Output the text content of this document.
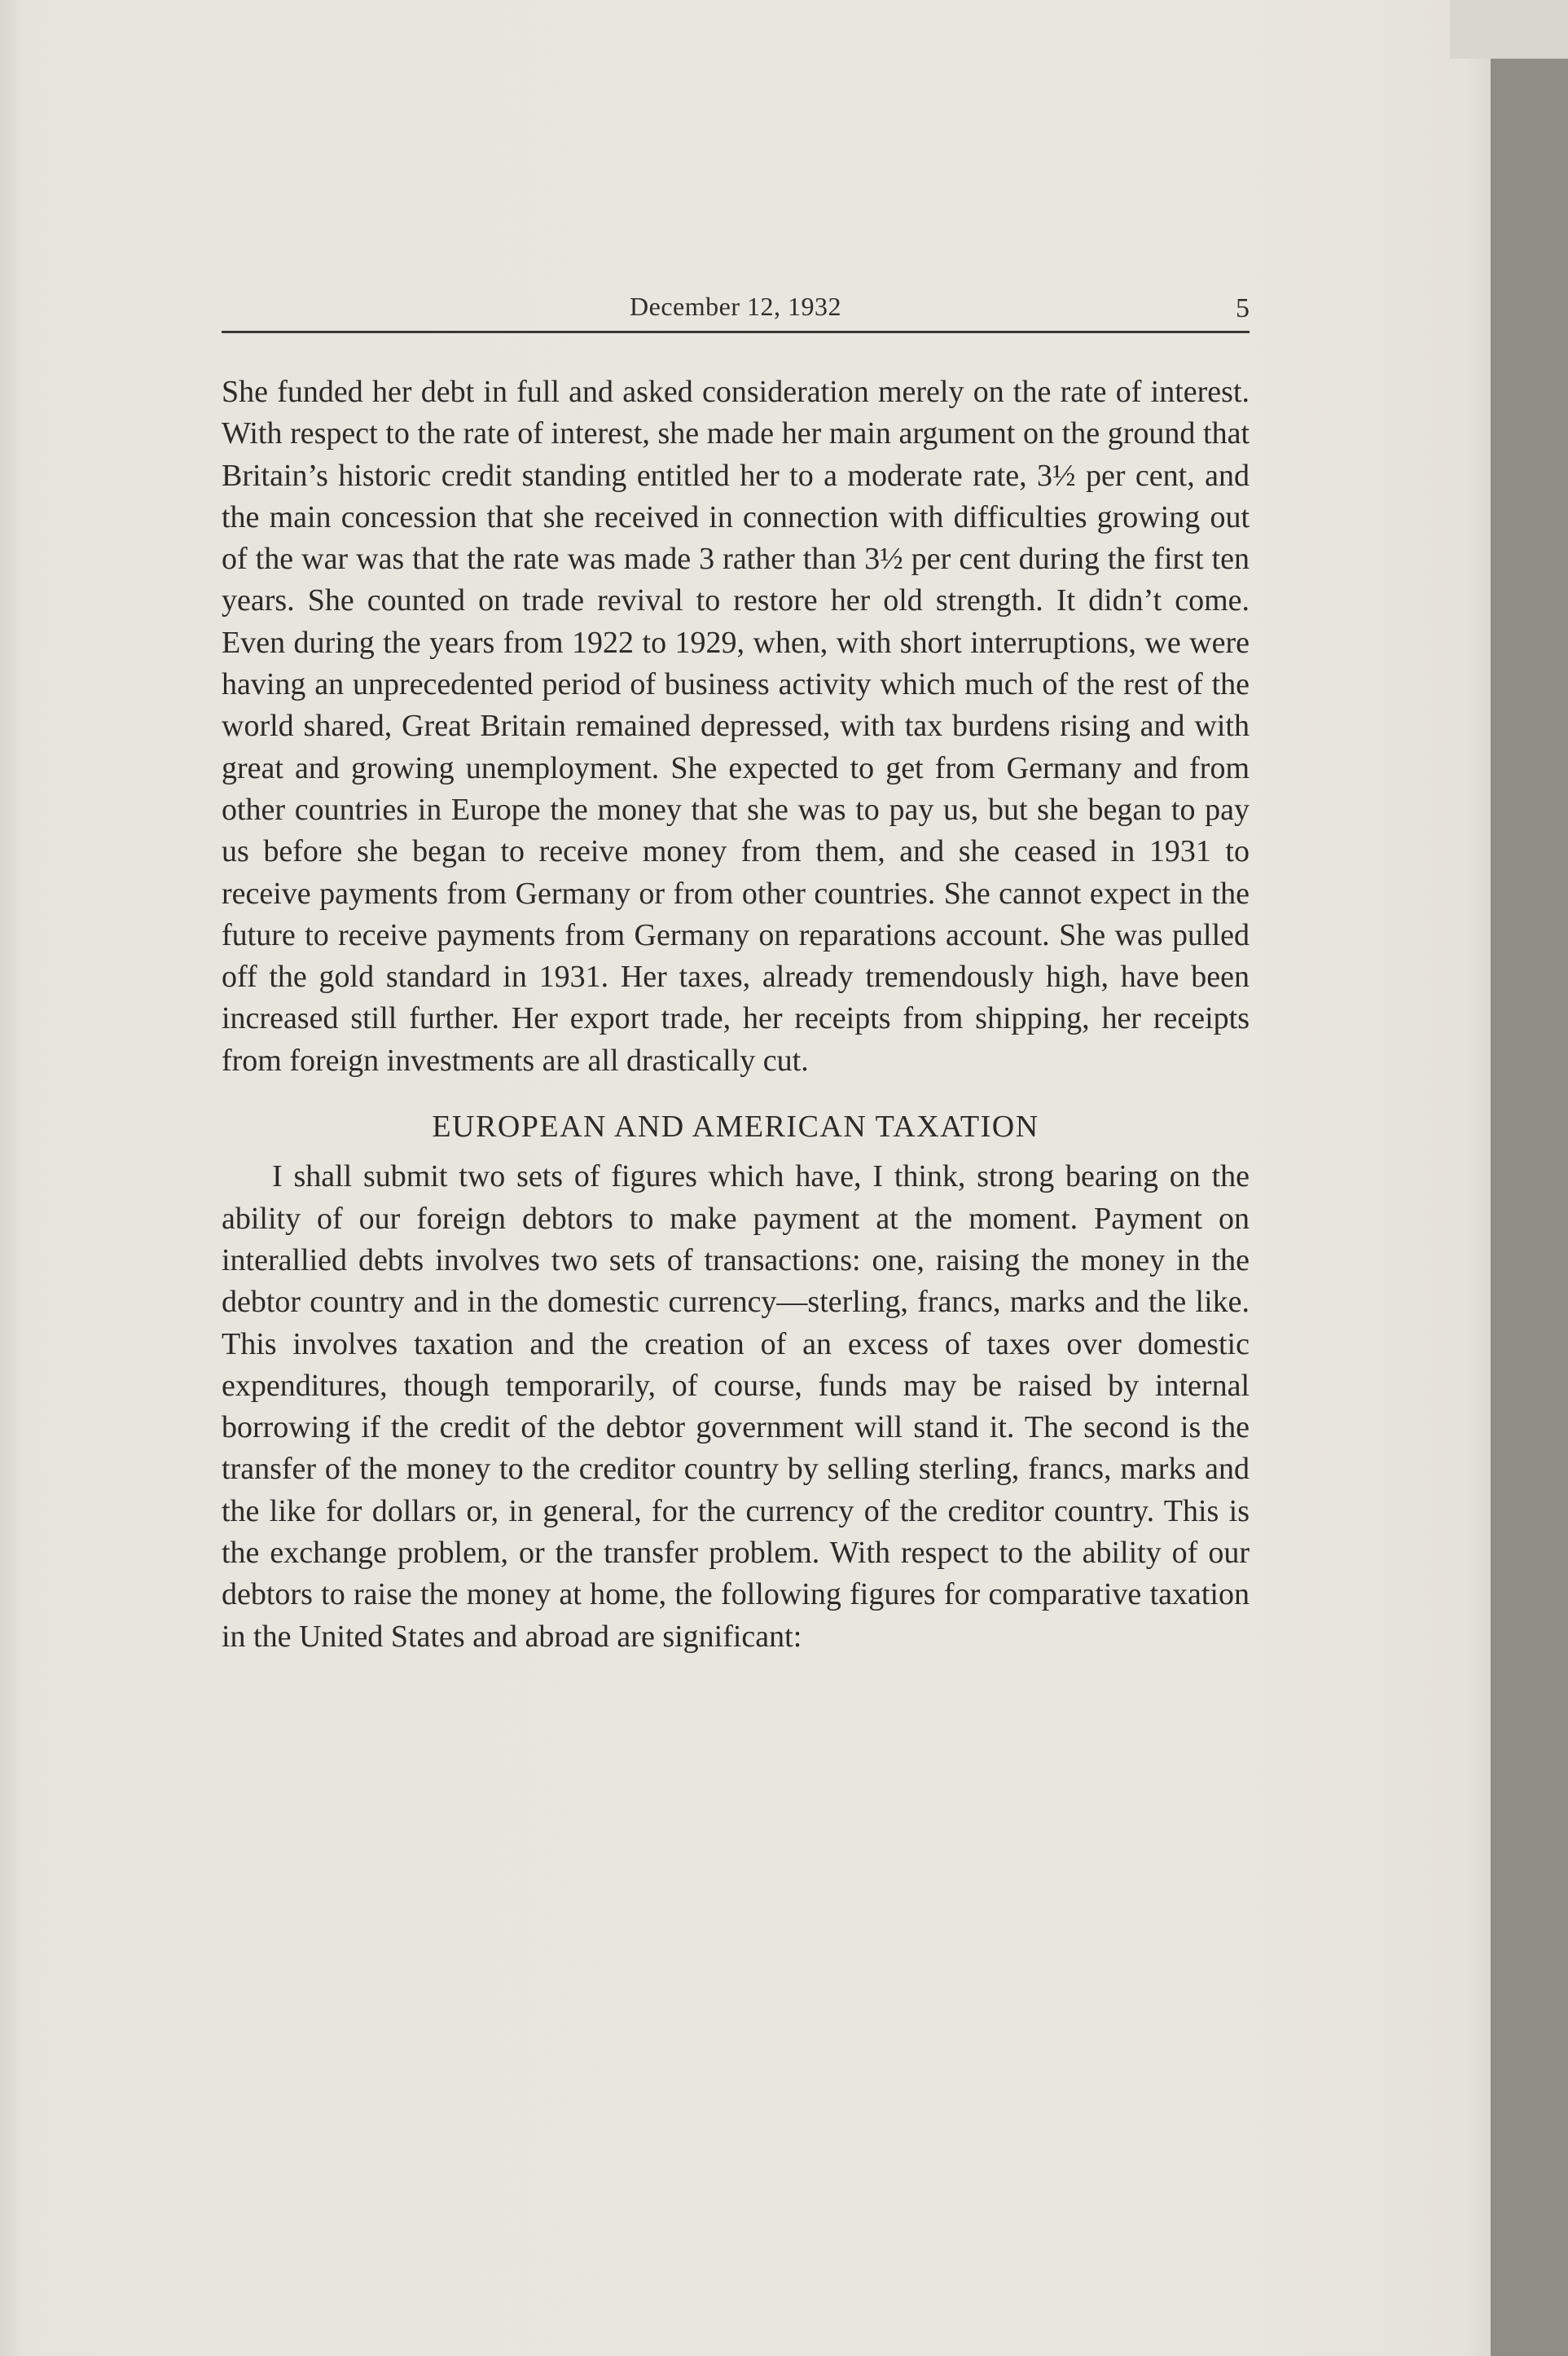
December 12, 1932	5

She funded her debt in full and asked consideration merely on the rate of interest. With respect to the rate of interest, she made her main argument on the ground that Britain’s historic credit standing entitled her to a moderate rate, 3½ per cent, and the main concession that she received in connection with difficulties growing out of the war was that the rate was made 3 rather than 3½ per cent during the first ten years. She counted on trade revival to restore her old strength. It didn’t come. Even during the years from 1922 to 1929, when, with short interruptions, we were having an unprecedented period of business activity which much of the rest of the world shared, Great Britain remained depressed, with tax burdens rising and with great and growing unemployment. She expected to get from Germany and from other countries in Europe the money that she was to pay us, but she began to pay us before she began to receive money from them, and she ceased in 1931 to receive payments from Germany or from other countries. She cannot expect in the future to receive payments from Germany on reparations account. She was pulled off the gold standard in 1931. Her taxes, already tremendously high, have been increased still further. Her export trade, her receipts from shipping, her receipts from foreign investments are all drastically cut.

EUROPEAN AND AMERICAN TAXATION

I shall submit two sets of figures which have, I think, strong bearing on the ability of our foreign debtors to make payment at the moment. Payment on interallied debts involves two sets of transactions: one, raising the money in the debtor country and in the domestic currency—sterling, francs, marks and the like. This involves taxation and the creation of an excess of taxes over domestic expenditures, though temporarily, of course, funds may be raised by internal borrowing if the credit of the debtor government will stand it. The second is the transfer of the money to the creditor country by selling sterling, francs, marks and the like for dollars or, in general, for the currency of the creditor country. This is the exchange problem, or the transfer problem. With respect to the ability of our debtors to raise the money at home, the following figures for comparative taxation in the United States and abroad are significant:
